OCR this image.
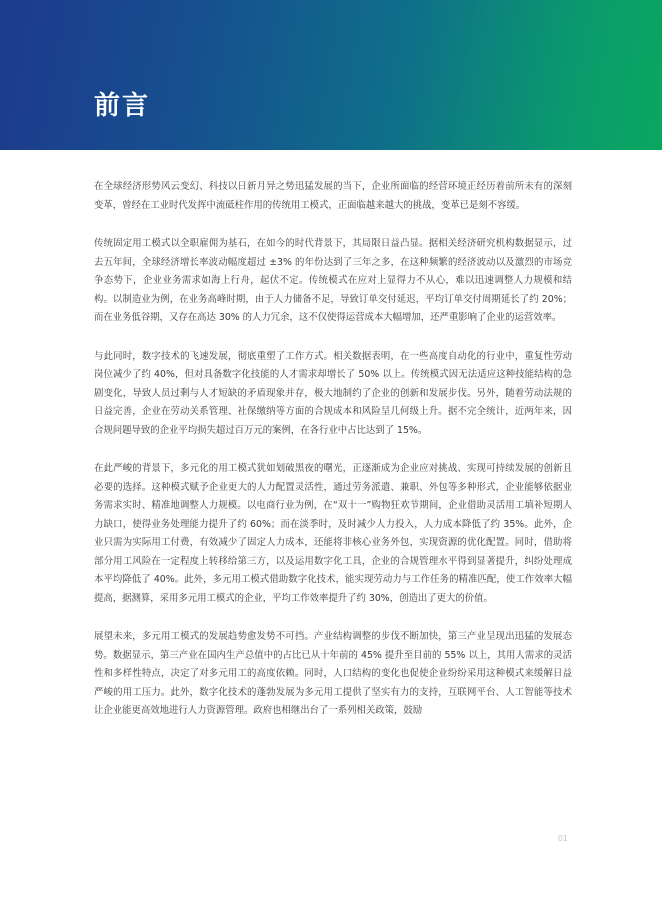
前言

在全球经济形势风云变幻、科技以日新月异之势迅猛发展的当下，企业所面临的经营环境正经历着前所未有的深刻变革，曾经在工业时代发挥中流砥柱作用的传统用工模式，正面临越来越大的挑战，变革已是刻不容缓。

传统固定用工模式以全职雇佣为基石，在如今的时代背景下，其局限日益凸显。据相关经济研究机构数据显示，过去五年间，全球经济增长率波动幅度超过 ±3% 的年份达到了三年之多，在这种频繁的经济波动以及激烈的市场竞争态势下，企业业务需求如海上行舟，起伏不定。传统模式在应对上显得力不从心，难以迅速调整人力规模和结构。以制造业为例，在业务高峰时期，由于人力储备不足，导致订单交付延迟，平均订单交付周期延长了约 20%；而在业务低谷期，又存在高达 30% 的人力冗余，这不仅使得运营成本大幅增加，还严重影响了企业的运营效率。

与此同时，数字技术的飞速发展，彻底重塑了工作方式。相关数据表明，在一些高度自动化的行业中，重复性劳动岗位减少了约 40%，但对具备数字化技能的人才需求却增长了 50% 以上。传统模式因无法适应这种技能结构的急剧变化，导致人员过剩与人才短缺的矛盾现象并存，极大地制约了企业的创新和发展步伐。另外，随着劳动法规的日益完善，企业在劳动关系管理、社保缴纳等方面的合规成本和风险呈几何级上升。据不完全统计，近两年来，因合规问题导致的企业平均损失超过百万元的案例，在各行业中占比达到了 15%。

在此严峻的背景下，多元化的用工模式犹如划破黑夜的曙光，正逐渐成为企业应对挑战、实现可持续发展的创新且必要的选择。这种模式赋予企业更大的人力配置灵活性，通过劳务派遣、兼职、外包等多种形式，企业能够依据业务需求实时、精准地调整人力规模。以电商行业为例，在“双十一”购物狂欢节期间，企业借助灵活用工填补短期人力缺口，使得业务处理能力提升了约 60%；而在淡季时，及时减少人力投入，人力成本降低了约 35%。此外，企业只需为实际用工付费，有效减少了固定人力成本，还能将非核心业务外包，实现资源的优化配置。同时，借助将部分用工风险在一定程度上转移给第三方，以及运用数字化工具，企业的合规管理水平得到显著提升，纠纷处理成本平均降低了 40%。此外，多元用工模式借助数字化技术，能实现劳动力与工作任务的精准匹配，使工作效率大幅提高，据测算，采用多元用工模式的企业，平均工作效率提升了约 30%，创造出了更大的价值。

展望未来，多元用工模式的发展趋势愈发势不可挡。产业结构调整的步伐不断加快，第三产业呈现出迅猛的发展态势。数据显示，第三产业在国内生产总值中的占比已从十年前的 45% 提升至目前的 55% 以上，其用人需求的灵活性和多样性特点，决定了对多元用工的高度依赖。同时，人口结构的变化也促使企业纷纷采用这种模式来缓解日益严峻的用工压力。此外，数字化技术的蓬勃发展为多元用工提供了坚实有力的支持，互联网平台、人工智能等技术让企业能更高效地进行人力资源管理。政府也相继出台了一系列相关政策，鼓励

01
